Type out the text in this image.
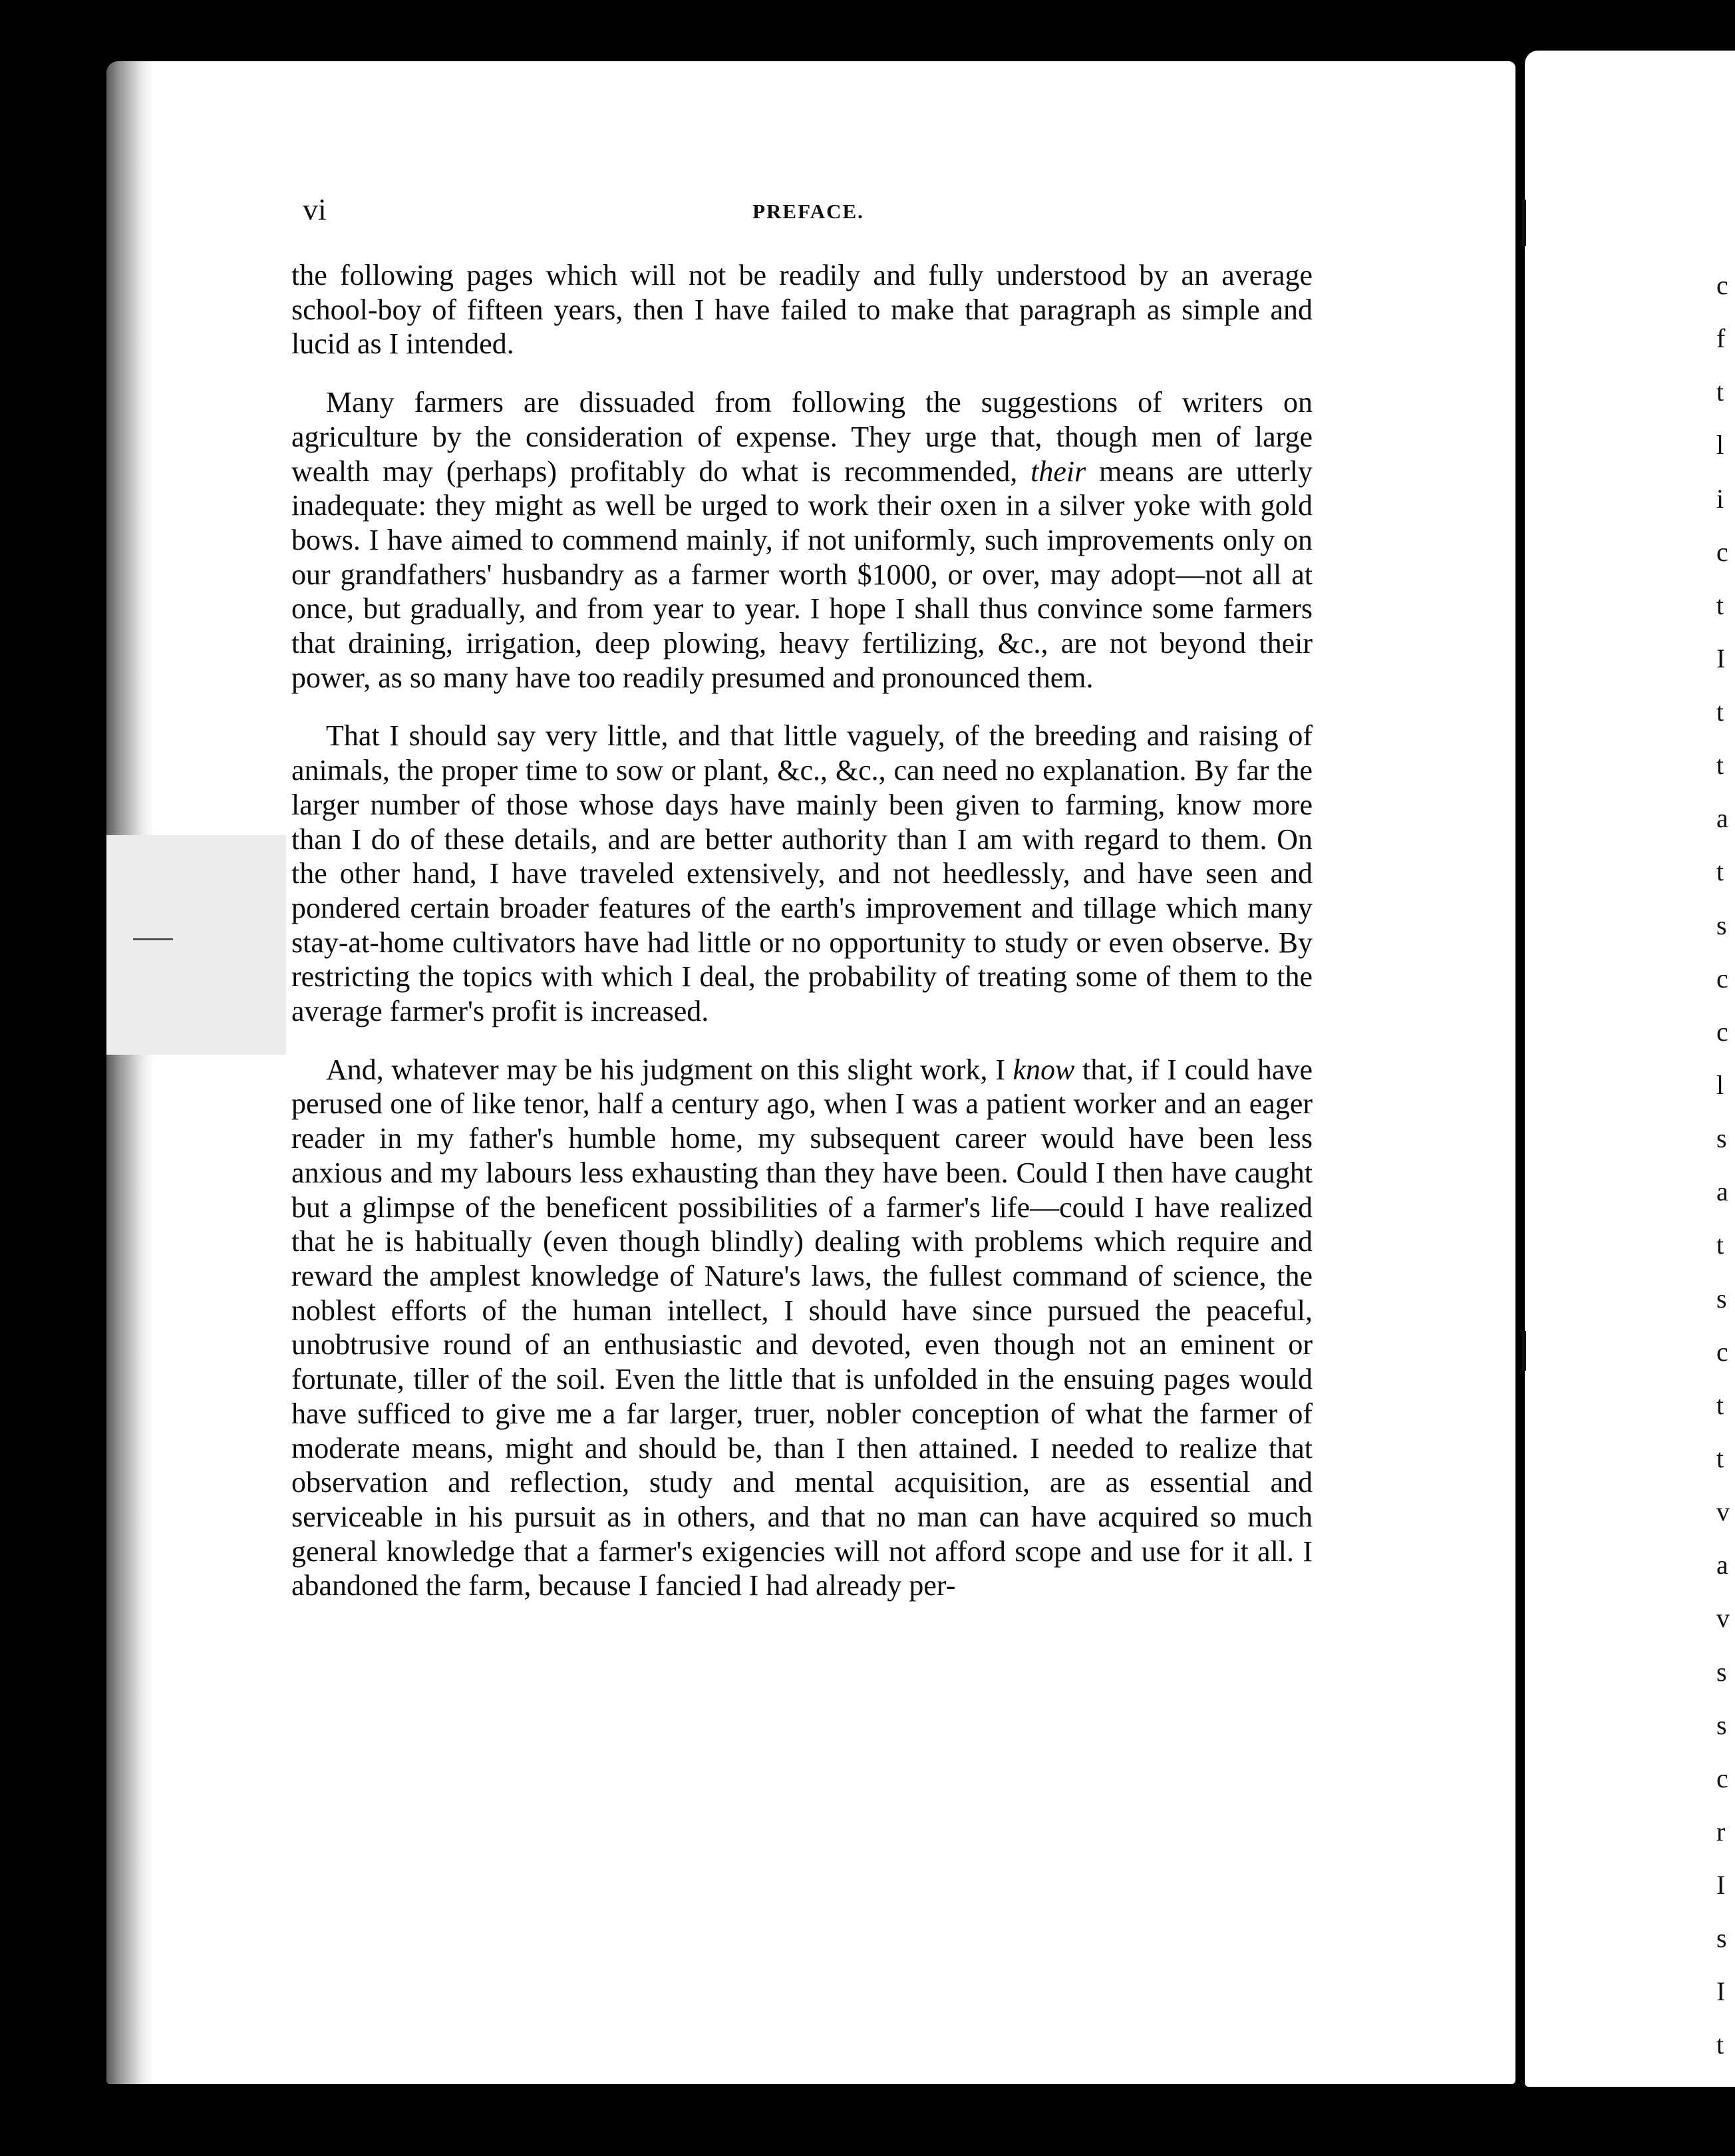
c
f
t
l
i
c
t
I
t
t
a
t
s
c
c
l
s
a
t
s
c
t
t
v
a
v
s
s
c
r
I
s
I
t
vi	PREFACE.

the following pages which will not be readily and fully understood by an average school-boy of fifteen years, then I have failed to make that paragraph as simple and lucid as I intended.

Many farmers are dissuaded from following the suggestions of writers on agriculture by the consideration of expense. They urge that, though men of large wealth may (perhaps) profitably do what is recommended, their means are utterly inadequate: they might as well be urged to work their oxen in a silver yoke with gold bows. I have aimed to commend mainly, if not uniformly, such improvements only on our grandfathers' husbandry as a farmer worth $1000, or over, may adopt—not all at once, but gradually, and from year to year. I hope I shall thus convince some farmers that draining, irrigation, deep plowing, heavy fertilizing, &c., are not beyond their power, as so many have too readily presumed and pronounced them.

That I should say very little, and that little vaguely, of the breeding and raising of animals, the proper time to sow or plant, &c., &c., can need no explanation. By far the larger number of those whose days have mainly been given to farming, know more than I do of these details, and are better authority than I am with regard to them. On the other hand, I have traveled extensively, and not heedlessly, and have seen and pondered certain broader features of the earth's improvement and tillage which many stay-at-home cultivators have had little or no opportunity to study or even observe. By restricting the topics with which I deal, the probability of treating some of them to the average farmer's profit is increased.

And, whatever may be his judgment on this slight work, I know that, if I could have perused one of like tenor, half a century ago, when I was a patient worker and an eager reader in my father's humble home, my subsequent career would have been less anxious and my labours less exhausting than they have been. Could I then have caught but a glimpse of the beneficent possibilities of a farmer's life—could I have realized that he is habitually (even though blindly) dealing with problems which require and reward the amplest knowledge of Nature's laws, the fullest command of science, the noblest efforts of the human intellect, I should have since pursued the peaceful, unobtrusive round of an enthusiastic and devoted, even though not an eminent or fortunate, tiller of the soil. Even the little that is unfolded in the ensuing pages would have sufficed to give me a far larger, truer, nobler conception of what the farmer of moderate means, might and should be, than I then attained. I needed to realize that observation and reflection, study and mental acquisition, are as essential and serviceable in his pursuit as in others, and that no man can have acquired so much general knowledge that a farmer's exigencies will not afford scope and use for it all. I abandoned the farm, because I fancied I had already per-
